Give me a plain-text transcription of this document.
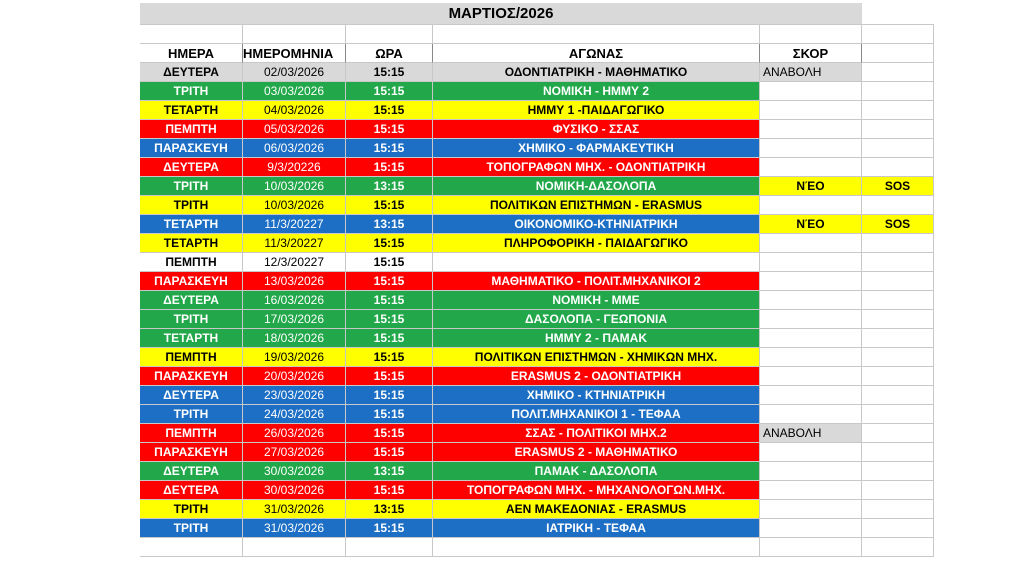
ΜΑΡΤΙΟΣ/2026
ΗΜΕΡΑ	ΗΜΕΡΟΜΗΝΙΑ	ΩΡΑ	ΑΓΩΝΑΣ	ΣΚΟΡ
ΔΕΥΤΕΡΑ	02/03/2026	15:15	ΟΔΟΝΤΙΑΤΡΙΚΗ - ΜΑΘΗΜΑΤΙΚΟ	ΑΝΑΒΟΛΗ
ΤΡΙΤΗ	03/03/2026	15:15	ΝΟΜΙΚΗ - ΗΜΜΥ 2
ΤΕΤΑΡΤΗ	04/03/2026	15:15	ΗΜΜΥ 1 -ΠΑΙΔΑΓΩΓΙΚΟ
ΠΕΜΠΤΗ	05/03/2026	15:15	ΦΥΣΙΚΟ - ΣΣΑΣ
ΠΑΡΑΣΚΕΥΗ	06/03/2026	15:15	ΧΗΜΙΚΟ - ΦΑΡΜΑΚΕΥΤΙΚΗ
ΔΕΥΤΕΡΑ	9/3/20226	15:15	ΤΟΠΟΓΡΑΦΩΝ ΜΗΧ. - ΟΔΟΝΤΙΑΤΡΙΚΗ
ΤΡΙΤΗ	10/03/2026	13:15	ΝΟΜΙΚΗ-ΔΑΣΟΛΟΠΑ	ΝΈΟ	SOS
ΤΡΙΤΗ	10/03/2026	15:15	ΠΟΛΙΤΙΚΩΝ ΕΠΙΣΤΗΜΩΝ - ERASMUS
ΤΕΤΑΡΤΗ	11/3/20227	13:15	ΟΙΚΟΝΟΜΙΚΟ-ΚΤΗΝΙΑΤΡΙΚΗ	ΝΈΟ	SOS
ΤΕΤΑΡΤΗ	11/3/20227	15:15	ΠΛΗΡΟΦΟΡΙΚΗ - ΠΑΙΔΑΓΩΓΙΚΟ
ΠΕΜΠΤΗ	12/3/20227	15:15
ΠΑΡΑΣΚΕΥΗ	13/03/2026	15:15	ΜΑΘΗΜΑΤΙΚΟ - ΠΟΛΙΤ.ΜΗΧΑΝΙΚΟΙ 2
ΔΕΥΤΕΡΑ	16/03/2026	15:15	ΝΟΜΙΚΗ - ΜΜΕ
ΤΡΙΤΗ	17/03/2026	15:15	ΔΑΣΟΛΟΠΑ - ΓΕΩΠΟΝΙΑ
ΤΕΤΑΡΤΗ	18/03/2026	15:15	ΗΜΜΥ 2 - ΠΑΜΑΚ
ΠΕΜΠΤΗ	19/03/2026	15:15	ΠΟΛΙΤΙΚΩΝ ΕΠΙΣΤΗΜΩΝ - ΧΗΜΙΚΩΝ ΜΗΧ.
ΠΑΡΑΣΚΕΥΗ	20/03/2026	15:15	ERASMUS 2 - ΟΔΟΝΤΙΑΤΡΙΚΗ
ΔΕΥΤΕΡΑ	23/03/2026	15:15	ΧΗΜΙΚΟ - ΚΤΗΝΙΑΤΡΙΚΗ
ΤΡΙΤΗ	24/03/2026	15:15	ΠΟΛΙΤ.ΜΗΧΑΝΙΚΟΙ 1 - ΤΕΦΑΑ
ΠΕΜΠΤΗ	26/03/2026	15:15	ΣΣΑΣ - ΠΟΛΙΤΙΚΟΙ ΜΗΧ.2	ΑΝΑΒΟΛΗ
ΠΑΡΑΣΚΕΥΗ	27/03/2026	15:15	ERASMUS 2 - ΜΑΘΗΜΑΤΙΚΟ
ΔΕΥΤΕΡΑ	30/03/2026	13:15	ΠΑΜΑΚ - ΔΑΣΟΛΟΠΑ
ΔΕΥΤΕΡΑ	30/03/2026	15:15	ΤΟΠΟΓΡΑΦΩΝ ΜΗΧ. - ΜΗΧΑΝΟΛΟΓΩΝ.ΜΗΧ.
ΤΡΙΤΗ	31/03/2026	13:15	ΑΕΝ ΜΑΚΕΔΟΝΙΑΣ - ERASMUS
ΤΡΙΤΗ	31/03/2026	15:15	ΙΑΤΡΙΚΗ - ΤΕΦΑΑ
